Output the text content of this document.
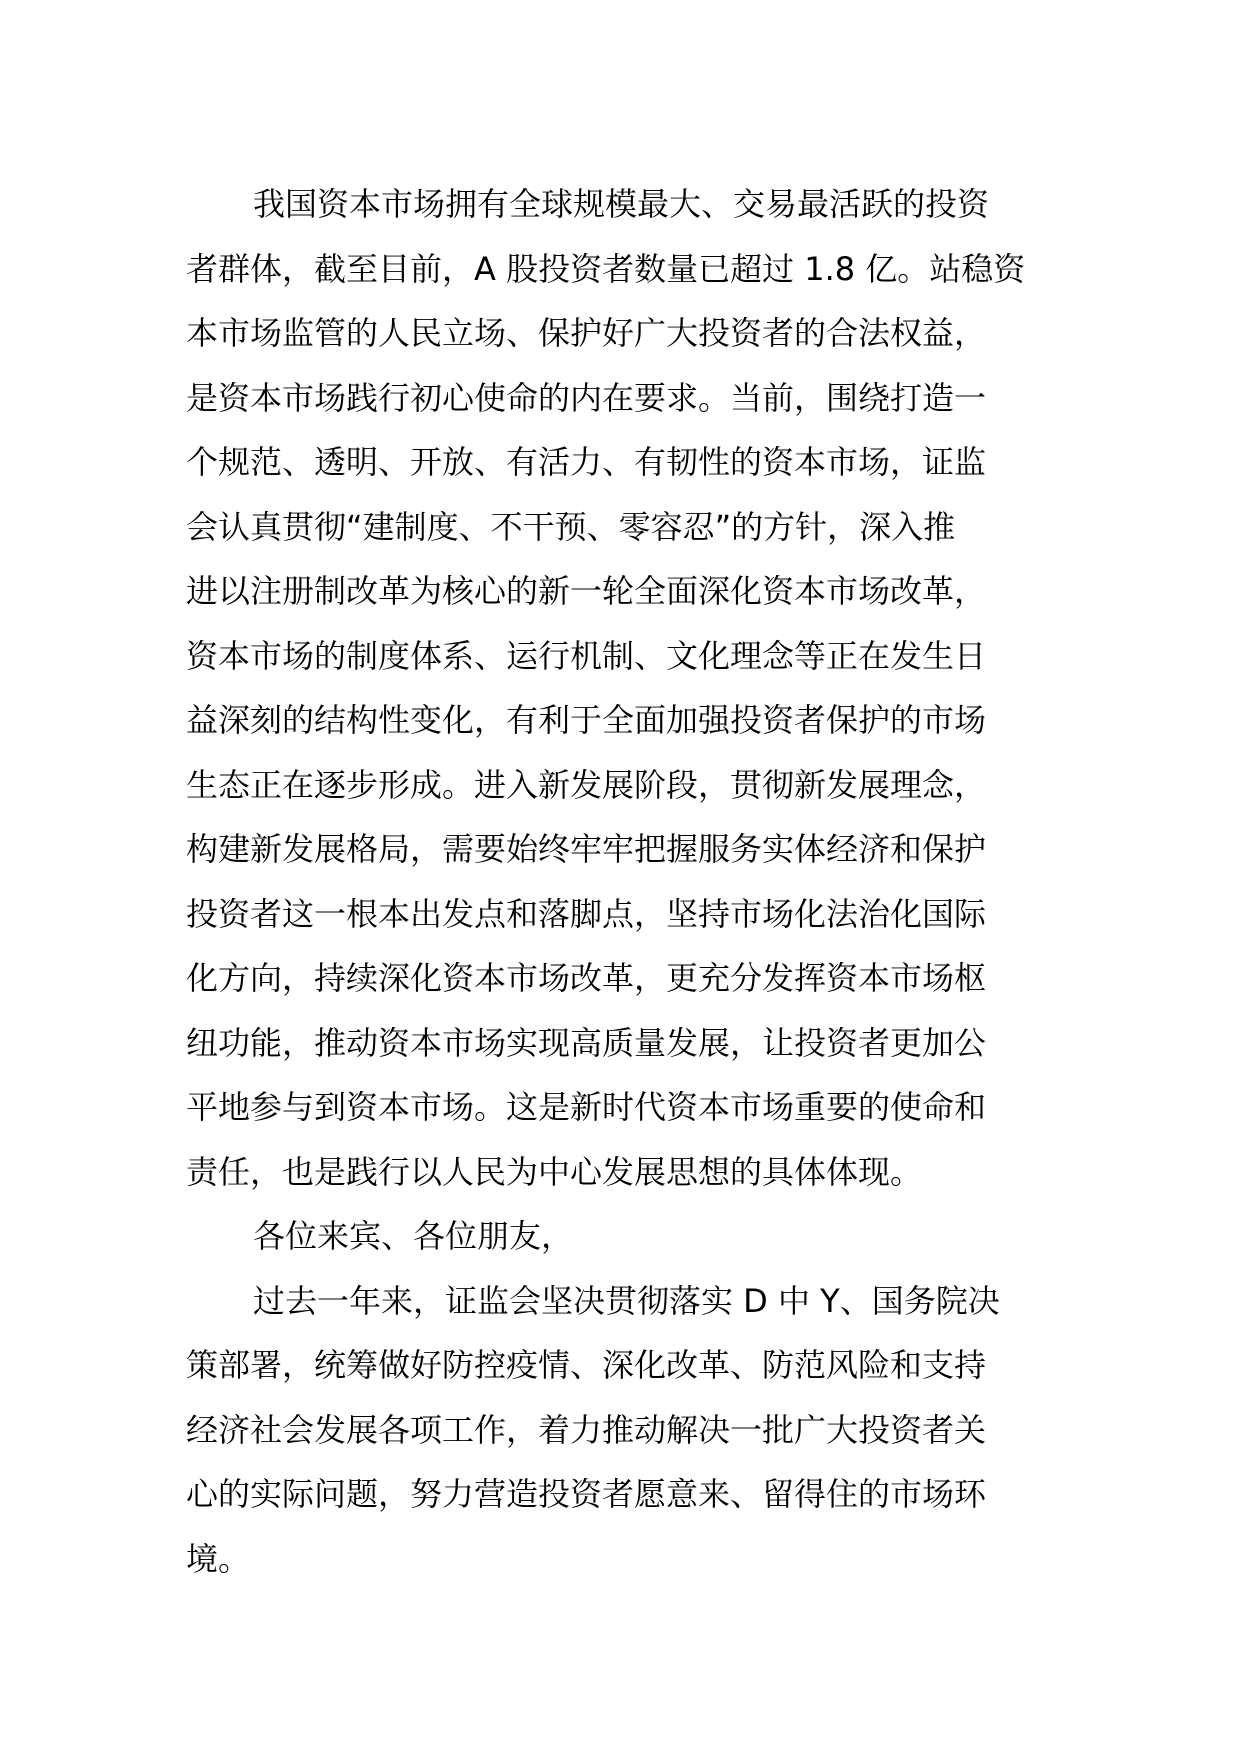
我国资本市场拥有全球规模最大、交易最活跃的投资
者群体，截至目前，A 股投资者数量已超过 1.8 亿。站稳资
本市场监管的人民立场、保护好广大投资者的合法权益，
是资本市场践行初心使命的内在要求。当前，围绕打造一
个规范、透明、开放、有活力、有韧性的资本市场，证监
会认真贯彻“建制度、不干预、零容忍”的方针，深入推
进以注册制改革为核心的新一轮全面深化资本市场改革，
资本市场的制度体系、运行机制、文化理念等正在发生日
益深刻的结构性变化，有利于全面加强投资者保护的市场
生态正在逐步形成。进入新发展阶段，贯彻新发展理念，
构建新发展格局，需要始终牢牢把握服务实体经济和保护
投资者这一根本出发点和落脚点，坚持市场化法治化国际
化方向，持续深化资本市场改革，更充分发挥资本市场枢
纽功能，推动资本市场实现高质量发展，让投资者更加公
平地参与到资本市场。这是新时代资本市场重要的使命和
责任，也是践行以人民为中心发展思想的具体体现。
各位来宾、各位朋友，
过去一年来，证监会坚决贯彻落实 D 中 Y、国务院决
策部署，统筹做好防控疫情、深化改革、防范风险和支持
经济社会发展各项工作，着力推动解决一批广大投资者关
心的实际问题，努力营造投资者愿意来、留得住的市场环
境。
